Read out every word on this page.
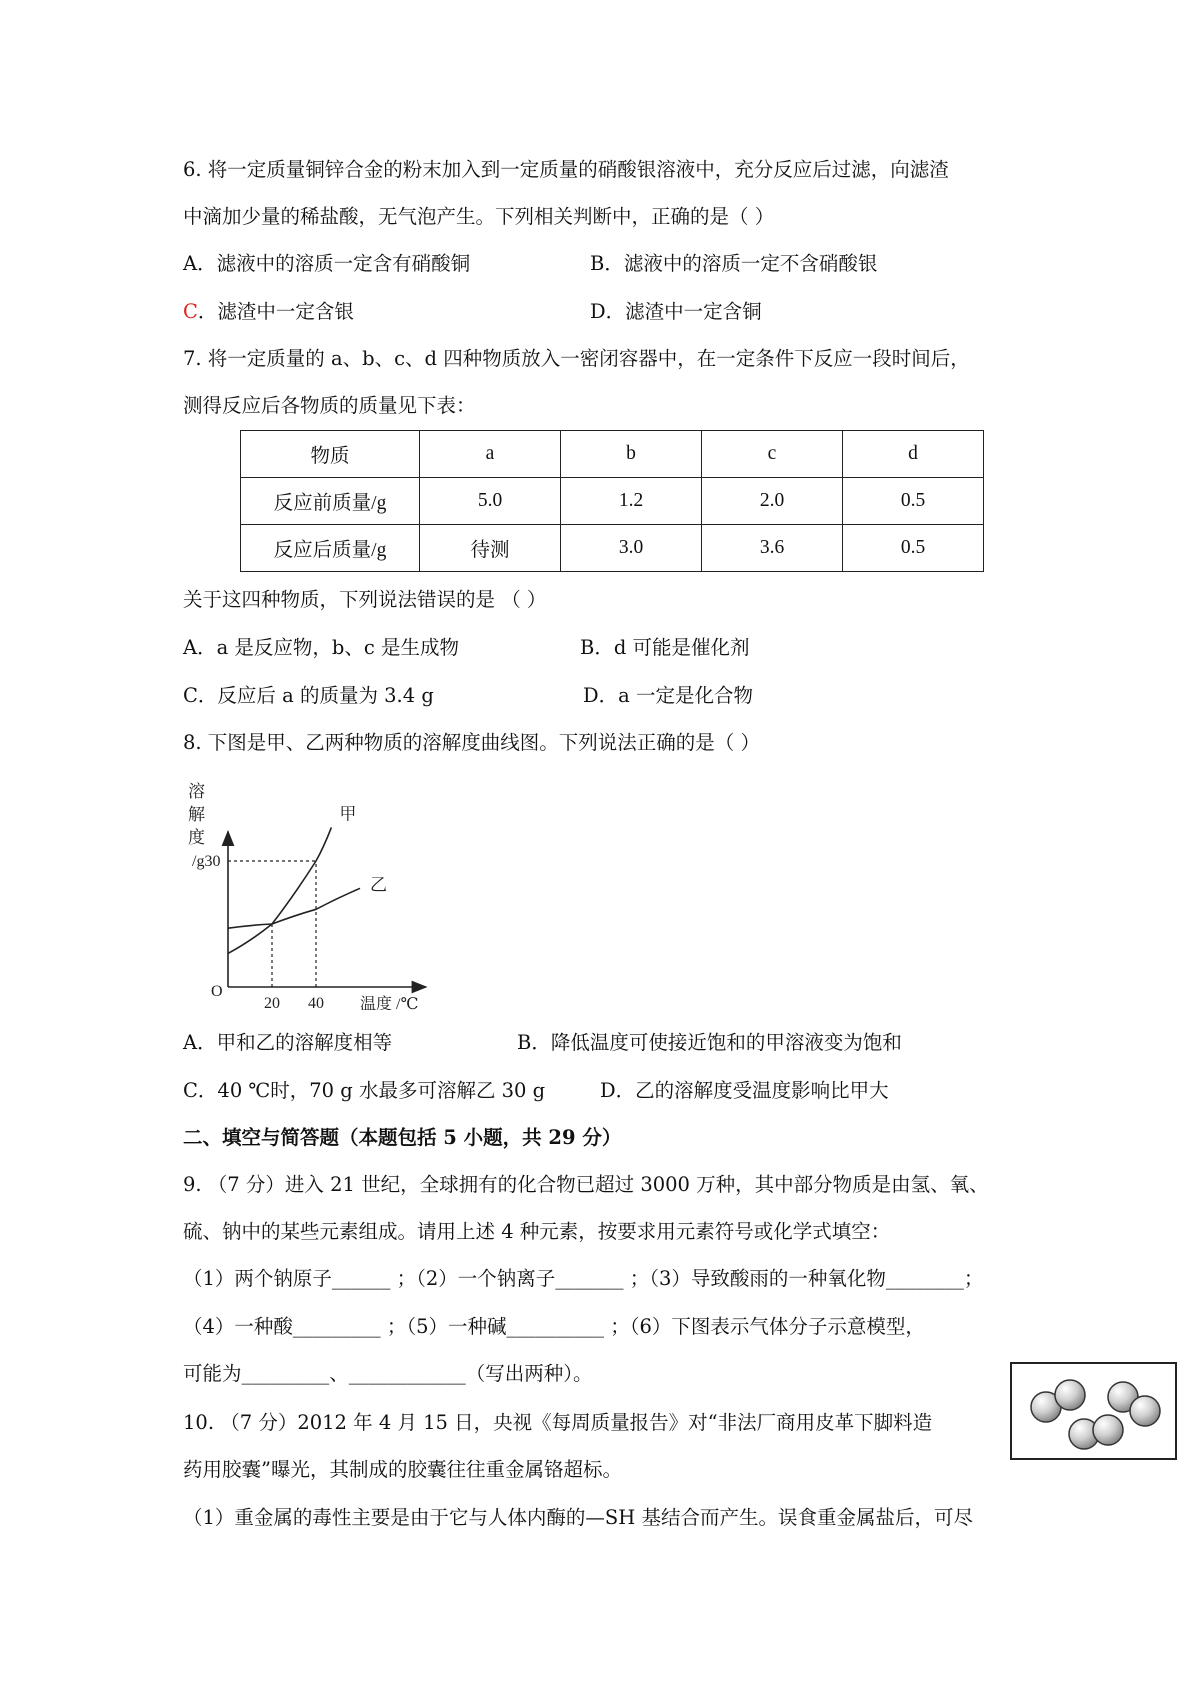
6. 将一定质量铜锌合金的粉末加入到一定质量的硝酸银溶液中，充分反应后过滤，向滤渣
中滴加少量的稀盐酸，无气泡产生。下列相关判断中，正确的是（ ）
A．滤液中的溶质一定含有硝酸铜	B．滤液中的溶质一定不含硝酸银
C．滤渣中一定含银	D．滤渣中一定含铜
7. 将一定质量的 a、b、c、d 四种物质放入一密闭容器中，在一定条件下反应一段时间后，
测得反应后各物质的质量见下表：
物质	a	b	c	d
反应前质量/g	5.0	1.2	2.0	0.5
反应后质量/g	待测	3.0	3.6	0.5
关于这四种物质，下列说法错误的是 （ ）
A．a 是反应物，b、c 是生成物	B．d 可能是催化剂
C．反应后 a 的质量为 3.4 g	D．a 一定是化合物
8. 下图是甲、乙两种物质的溶解度曲线图。下列说法正确的是（ ）
溶
解
度
O
/g30
20 40 温度 /℃
甲
乙
A．甲和乙的溶解度相等	B．降低温度可使接近饱和的甲溶液变为饱和
C．40 ℃时，70 g 水最多可溶解乙 30 g	D．乙的溶解度受温度影响比甲大
二、填空与简答题（本题包括 5 小题，共 29 分）
9. （7 分）进入 21 世纪，全球拥有的化合物已超过 3000 万种，其中部分物质是由氢、氧、
硫、钠中的某些元素组成。请用上述 4 种元素，按要求用元素符号或化学式填空：
（1）两个钠原子______ ；（2）一个钠离子_______ ；（3）导致酸雨的一种氧化物________；
（4）一种酸_________ ；（5）一种碱__________ ；（6）下图表示气体分子示意模型，
可能为_________、____________（写出两种）。
10. （7 分）2012 年 4 月 15 日，央视《每周质量报告》对“非法厂商用皮革下脚料造
药用胶囊”曝光，其制成的胶囊往往重金属铬超标。
（1）重金属的毒性主要是由于它与人体内酶的—SH 基结合而产生。误食重金属盐后，可尽
